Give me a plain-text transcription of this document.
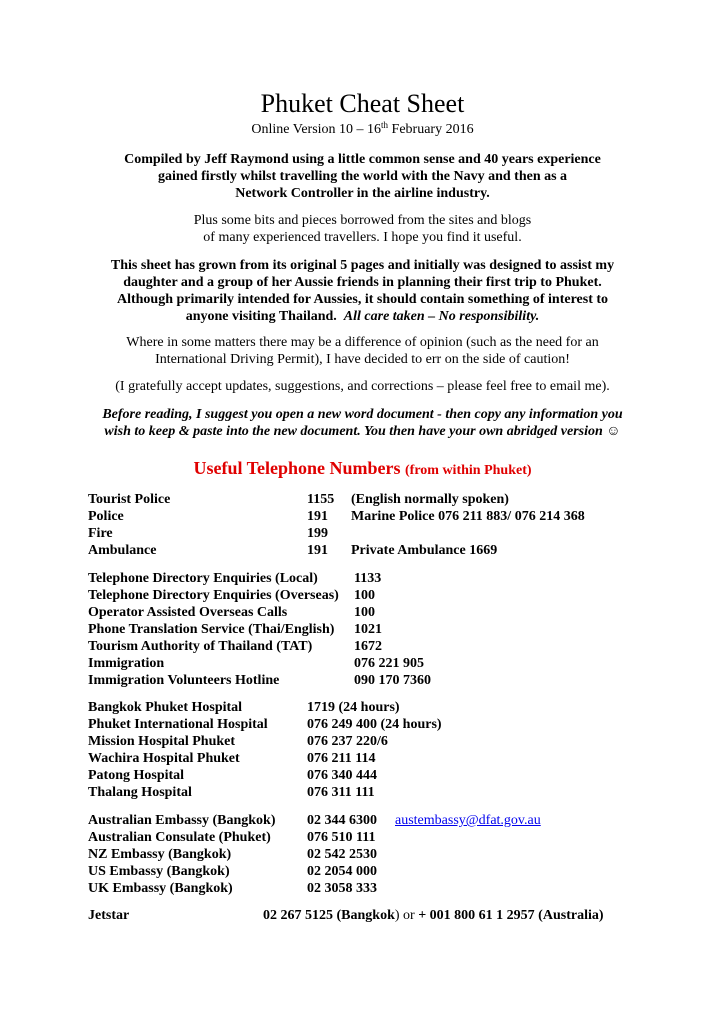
Phuket Cheat Sheet
Online Version 10 – 16th February 2016
Compiled by Jeff Raymond using a little common sense and 40 years experience
gained firstly whilst travelling the world with the Navy and then as a
Network Controller in the airline industry.
Plus some bits and pieces borrowed from the sites and blogs
of many experienced travellers. I hope you find it useful.
This sheet has grown from its original 5 pages and initially was designed to assist my
daughter and a group of her Aussie friends in planning their first trip to Phuket.
Although primarily intended for Aussies, it should contain something of interest to
anyone visiting Thailand. All care taken – No responsibility.
Where in some matters there may be a difference of opinion (such as the need for an
International Driving Permit), I have decided to err on the side of caution!
(I gratefully accept updates, suggestions, and corrections – please feel free to email me).
Before reading, I suggest you open a new word document - then copy any information you
wish to keep & paste into the new document. You then have your own abridged version ☺
Useful Telephone Numbers (from within Phuket)
Tourist Police	1155 (English normally spoken)
Police	191 Marine Police 076 211 883/ 076 214 368
Fire	199
Ambulance	191 Private Ambulance 1669
Telephone Directory Enquiries (Local)	1133
Telephone Directory Enquiries (Overseas) 100
Operator Assisted Overseas Calls	100
Phone Translation Service (Thai/English) 1021
Tourism Authority of Thailand (TAT)	1672
Immigration	076 221 905
Immigration Volunteers Hotline	090 170 7360
Bangkok Phuket Hospital	1719 (24 hours)
Phuket International Hospital	076 249 400 (24 hours)
Mission Hospital Phuket	076 237 220/6
Wachira Hospital Phuket	076 211 114
Patong Hospital	076 340 444
Thalang Hospital	076 311 111
Australian Embassy (Bangkok) 02 344 6300 austembassy@dfat.gov.au
Australian Consulate (Phuket)	076 510 111
NZ Embassy (Bangkok)	02 542 2530
US Embassy (Bangkok)	02 2054 000
UK Embassy (Bangkok)	02 3058 333
Jetstar	02 267 5125 (Bangkok) or + 001 800 61 1 2957 (Australia)
